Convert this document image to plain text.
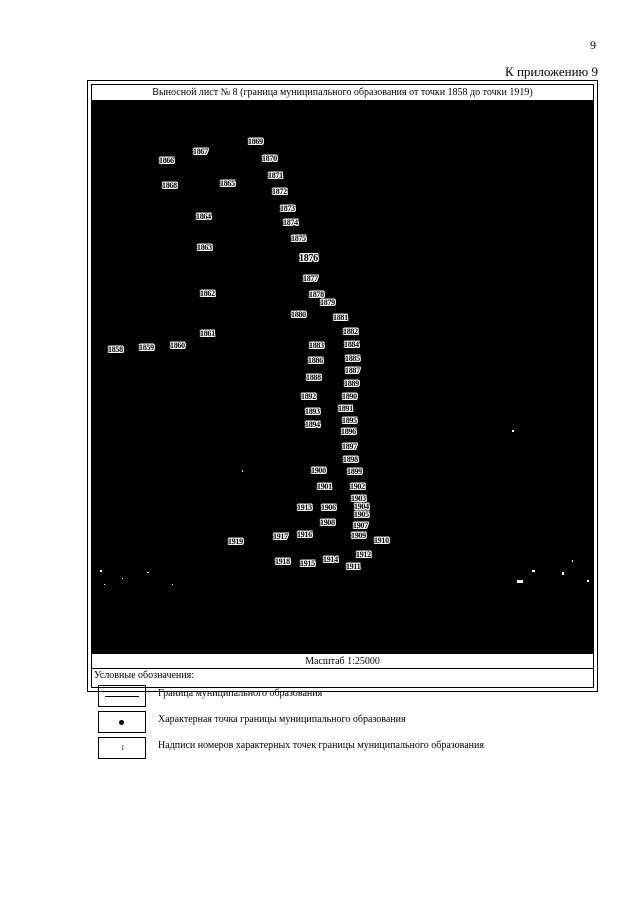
9
К приложению 9
Выносной лист № 8 (граница муниципального образования от точки 1858 до точки 1919)
1858 1859 1860
1861
1862
1863
1864
1865
1866
1867
1868
1869
1870
1871
1872
1873
1874
1875
1876
1877
1878
1879
1880	1881
1882
1883	1884
1885
1886
1887
1888
1889
1890
1891
1892
1893
1894	1895
1896
1897
1898
1899
1900
1901 1902
1903
1904
1905
1906
1907
1908
1909
1910
1911
1912
1913
1914
1915
1916
1917
1918
1919
Масштаб 1:25000
Условные обозначения:
Граница муниципального образования
Характерная точка границы муниципального образования
1	Надписи номеров характерных точек границы муниципального образования
